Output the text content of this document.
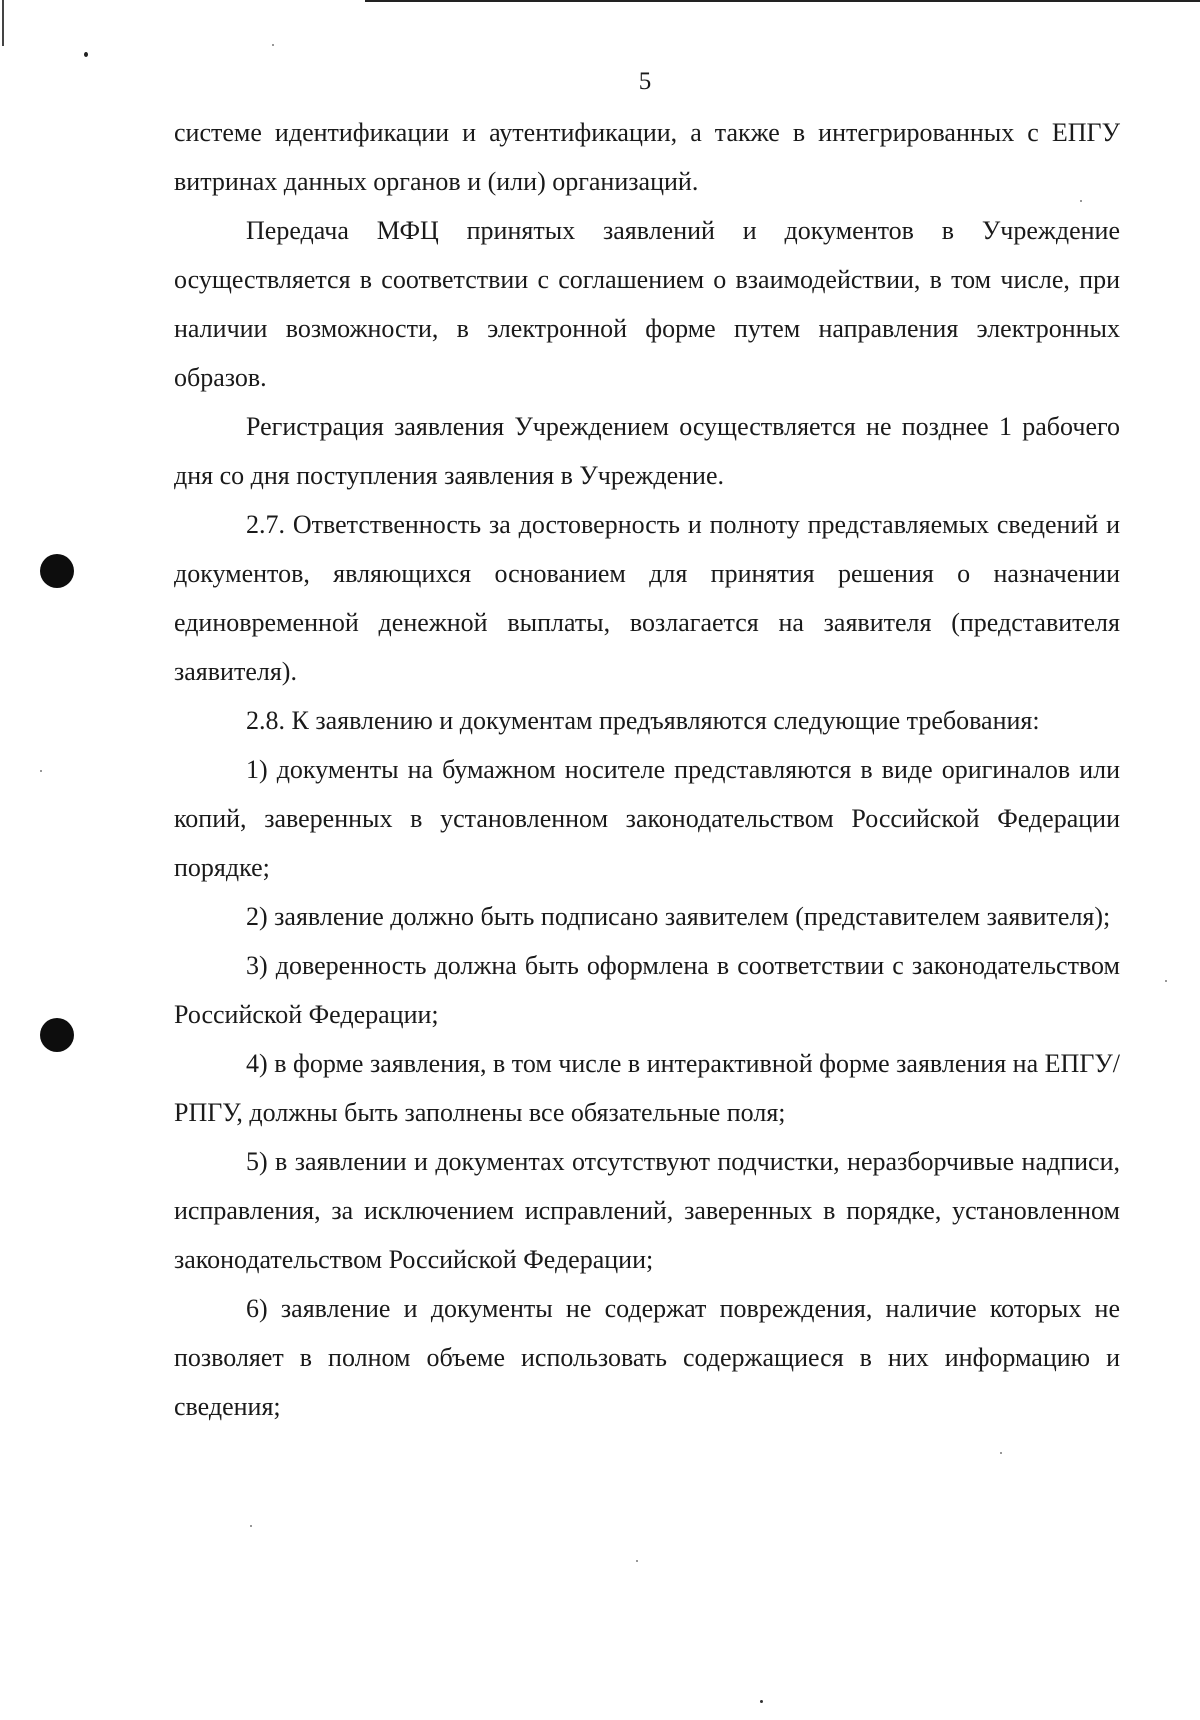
5

системе идентификации и аутентификации, а также в интегрированных с ЕПГУ витринах данных органов и (или) организаций.

Передача МФЦ принятых заявлений и документов в Учреждение осуществляется в соответствии с соглашением о взаимодействии, в том числе, при наличии возможности, в электронной форме путем направления электронных образов.

Регистрация заявления Учреждением осуществляется не позднее 1 рабочего дня со дня поступления заявления в Учреждение.

2.7. Ответственность за достоверность и полноту представляемых сведений и документов, являющихся основанием для принятия решения о назначении единовременной денежной выплаты, возлагается на заявителя (представителя заявителя).

2.8. К заявлению и документам предъявляются следующие требования:

1) документы на бумажном носителе представляются в виде оригиналов или копий, заверенных в установленном законодательством Российской Федерации порядке;

2) заявление должно быть подписано заявителем (представителем заявителя);

3) доверенность должна быть оформлена в соответствии с законодательством Российской Федерации;

4) в форме заявления, в том числе в интерактивной форме заявления на ЕПГУ/РПГУ, должны быть заполнены все обязательные поля;

5) в заявлении и документах отсутствуют подчистки, неразборчивые надписи, исправления, за исключением исправлений, заверенных в порядке, установленном законодательством Российской Федерации;

6) заявление и документы не содержат повреждения, наличие которых не позволяет в полном объеме использовать содержащиеся в них информацию и сведения;
